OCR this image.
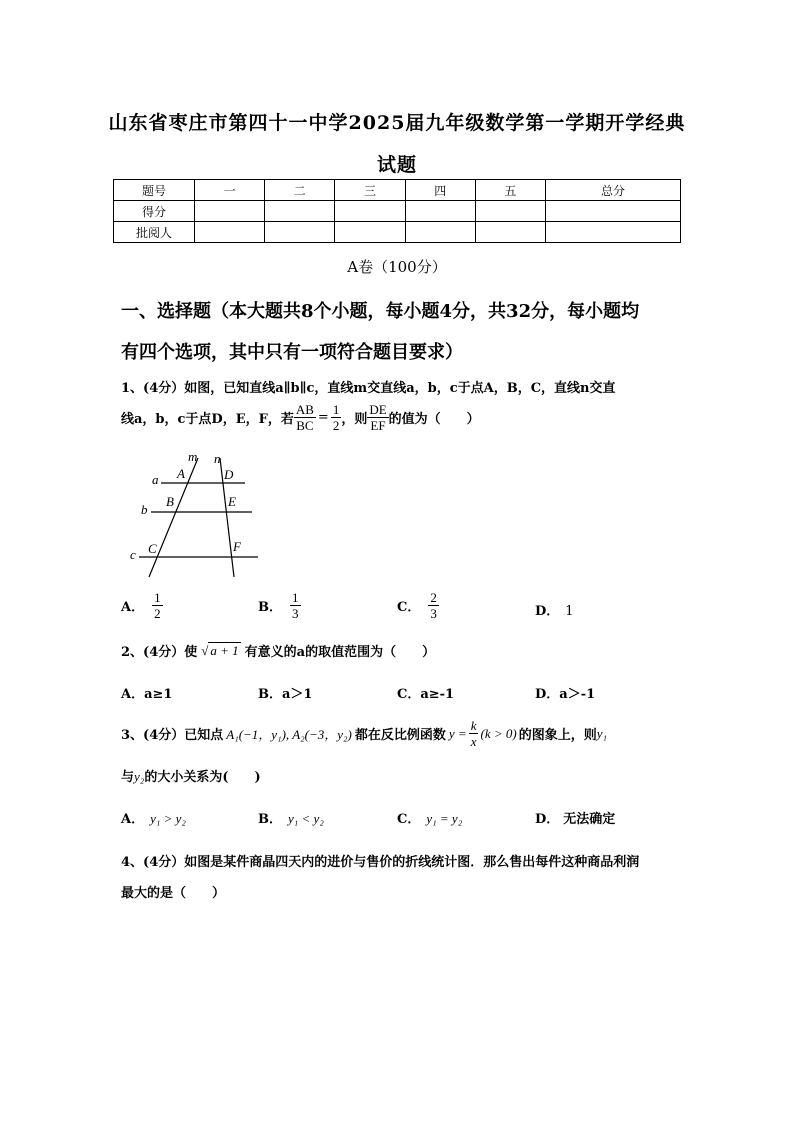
山东省枣庄市第四十一中学2025届九年级数学第一学期开学经典
试题
题号	一	二	三	四	五	总分
得分						
批阅人						
A卷（100分）
一、选择题（本大题共8个小题，每小题4分，共32分，每小题均
有四个选项，其中只有一项符合题目要求）
1、(4分）如图，已知直线a∥b∥c，直线m交直线a，b，c于点A，B，C，直线n交直
线a，b，c于点D，E，F，若 $\frac{AB}{BC} = \frac{1}{2}$ ，则 $\frac{DE}{EF}$ 的值为（　　）
m n
a A	D
b
B	E
c C	F
A． $\frac{1}{2}$	B． $\frac{1}{3}$	C． $\frac{2}{3}$	D． 1
2、(4分）使 √ a + 1 有意义的a的取值范围为（　　）
A．a≥1	B．a＞1	C．a≥-1	D．a＞-1
3、(4分）已知点 A₁(−1，y₁), A₂(−3，y₂) 都在反比例函数 $y = \frac{k}{x} (k > 0)$ 的图象上，则 y₁
与y₂的大小关系为(　　)
A． y₁ > y₂	B． y₁ < y₂	C． y₁ = y₂	D． 无法确定
4、(4分）如图是某件商晶四天内的进价与售价的折线统计图．那么售出每件这种商品利润
最大的是（　　）
